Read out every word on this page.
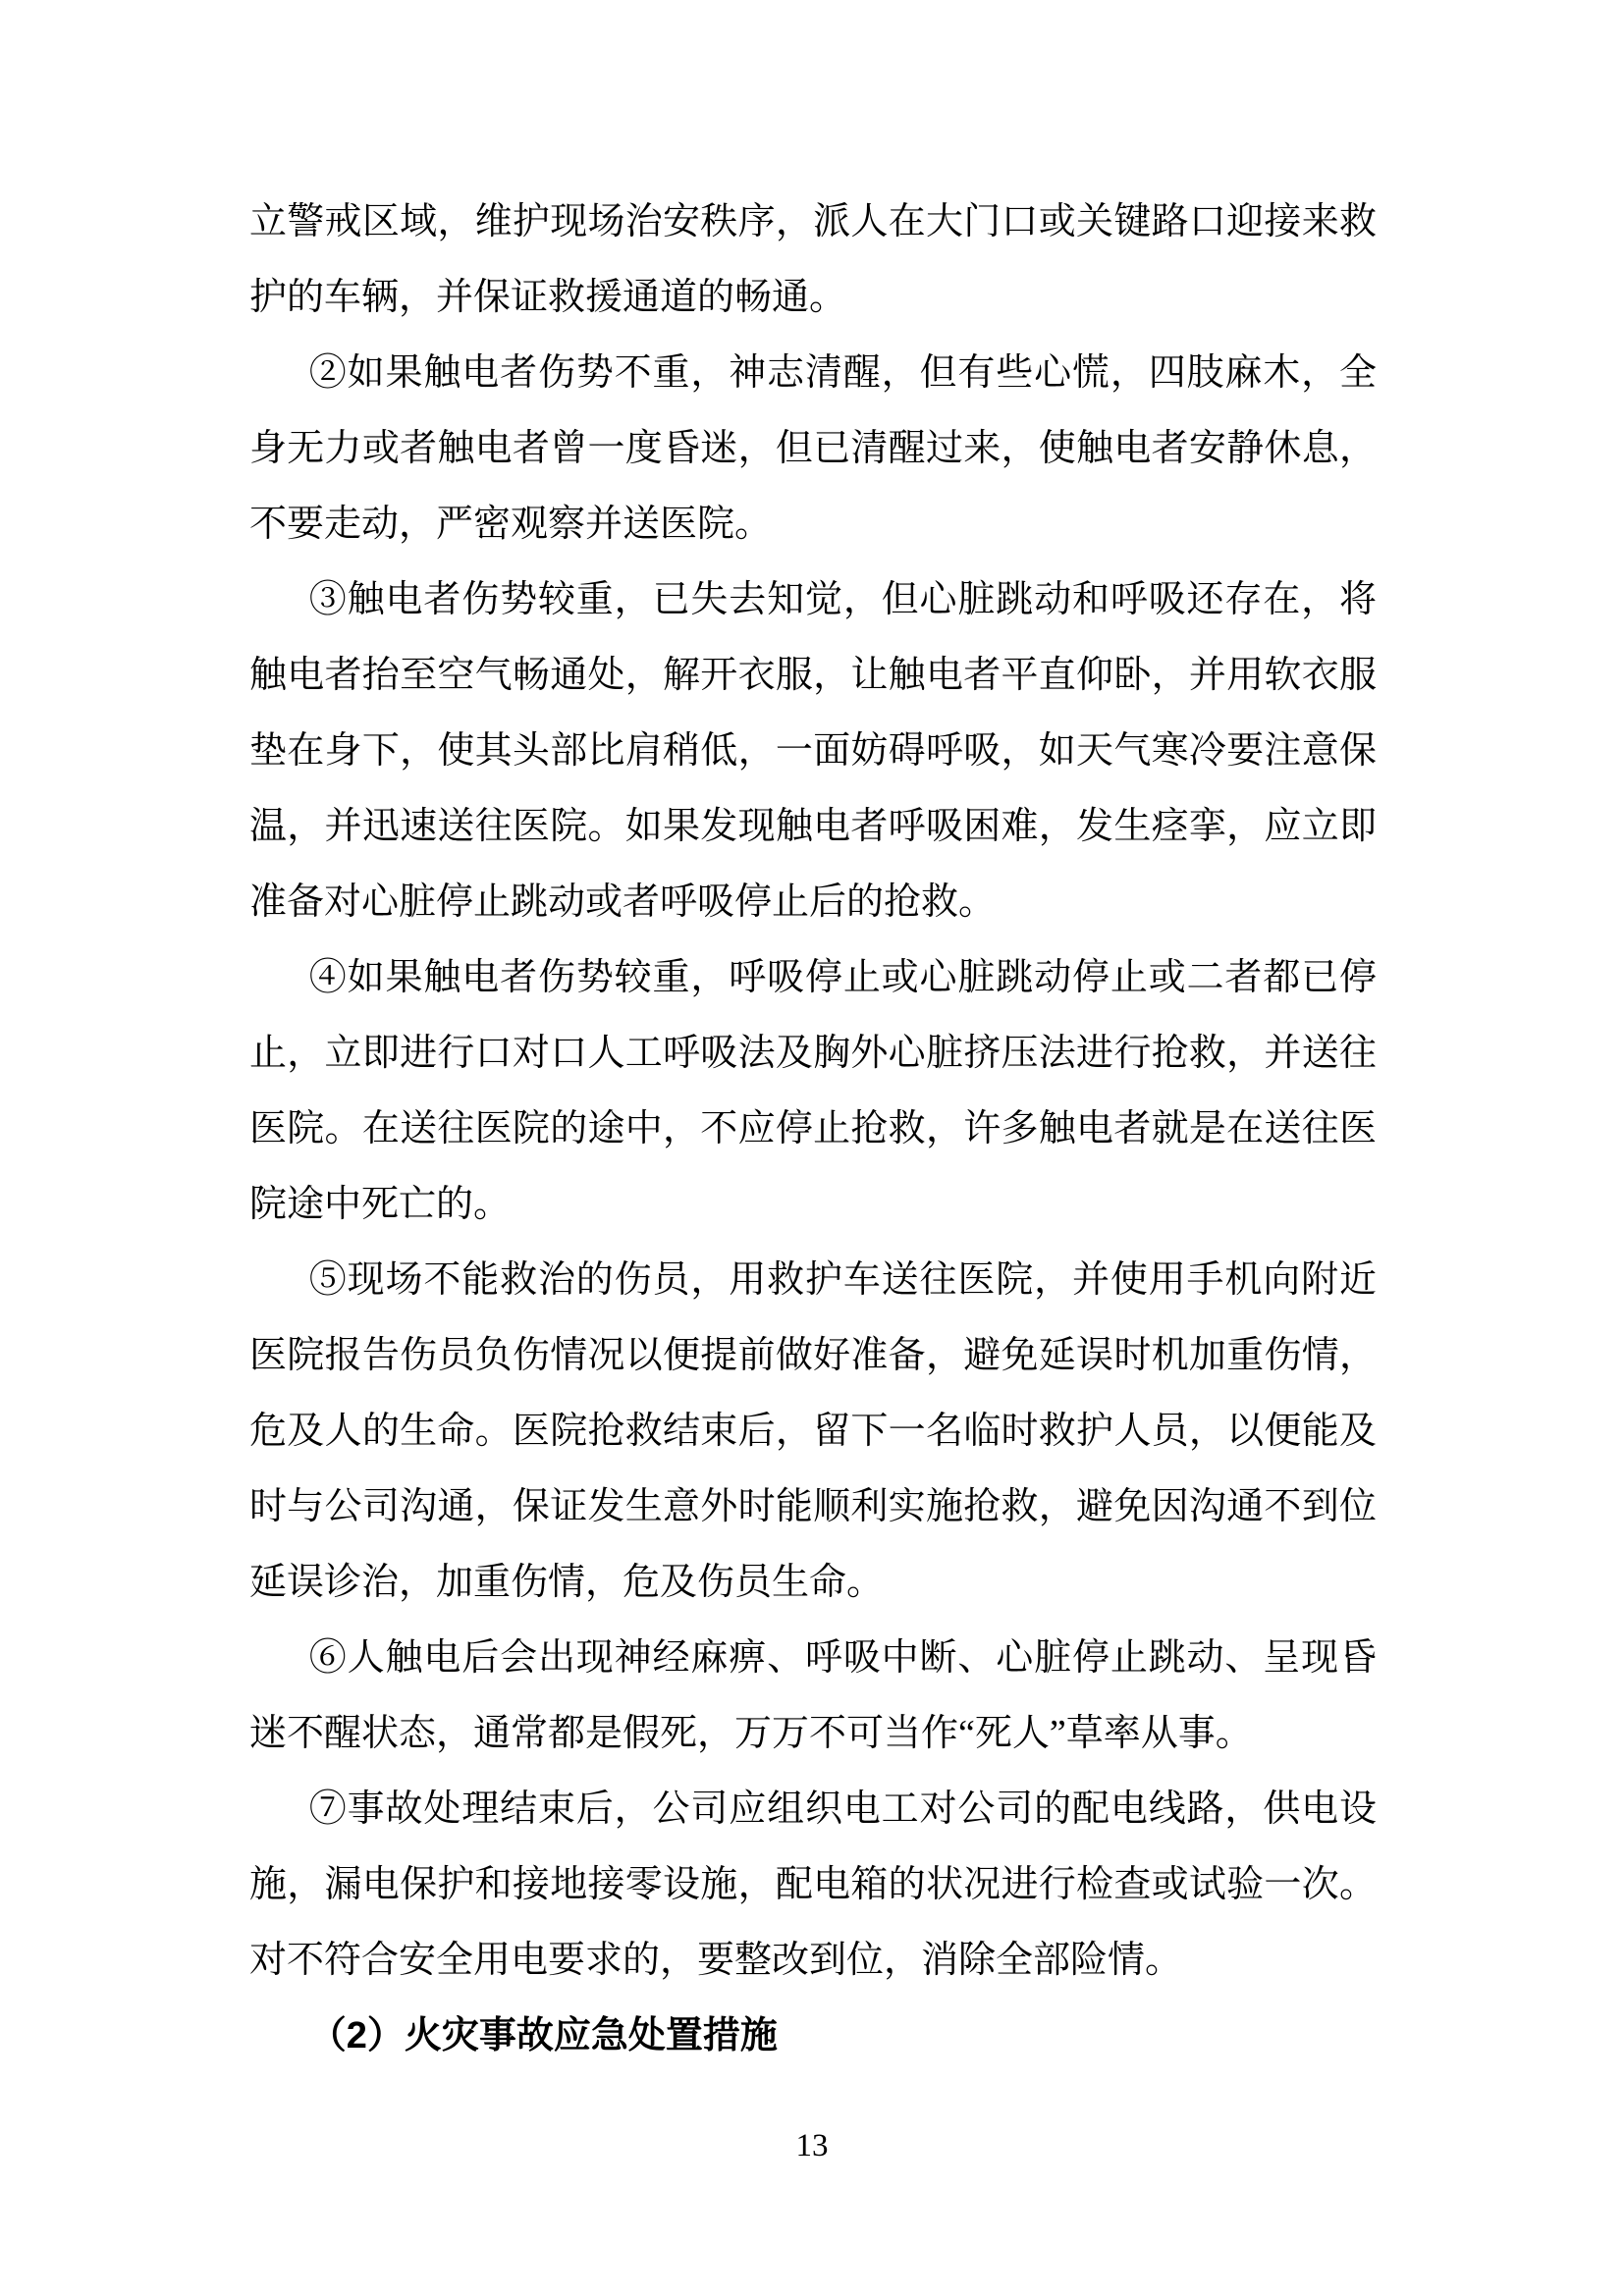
立警戒区域，维护现场治安秩序，派人在大门口或关键路口迎接来救
护的车辆，并保证救援通道的畅通。
②如果触电者伤势不重，神志清醒，但有些心慌，四肢麻木，全
身无力或者触电者曾一度昏迷，但已清醒过来，使触电者安静休息，
不要走动，严密观察并送医院。
③触电者伤势较重，已失去知觉，但心脏跳动和呼吸还存在，将
触电者抬至空气畅通处，解开衣服，让触电者平直仰卧，并用软衣服
垫在身下，使其头部比肩稍低，一面妨碍呼吸，如天气寒冷要注意保
温，并迅速送往医院。如果发现触电者呼吸困难，发生痉挛，应立即
准备对心脏停止跳动或者呼吸停止后的抢救。
④如果触电者伤势较重，呼吸停止或心脏跳动停止或二者都已停
止，立即进行口对口人工呼吸法及胸外心脏挤压法进行抢救，并送往
医院。在送往医院的途中，不应停止抢救，许多触电者就是在送往医
院途中死亡的。
⑤现场不能救治的伤员，用救护车送往医院，并使用手机向附近
医院报告伤员负伤情况以便提前做好准备，避免延误时机加重伤情，
危及人的生命。医院抢救结束后，留下一名临时救护人员，以便能及
时与公司沟通，保证发生意外时能顺利实施抢救，避免因沟通不到位
延误诊治，加重伤情，危及伤员生命。
⑥人触电后会出现神经麻痹、呼吸中断、心脏停止跳动、呈现昏
迷不醒状态，通常都是假死，万万不可当作“死人”草率从事。
⑦事故处理结束后，公司应组织电工对公司的配电线路，供电设
施，漏电保护和接地接零设施，配电箱的状况进行检查或试验一次。
对不符合安全用电要求的，要整改到位，消除全部险情。
（2）火灾事故应急处置措施
13
